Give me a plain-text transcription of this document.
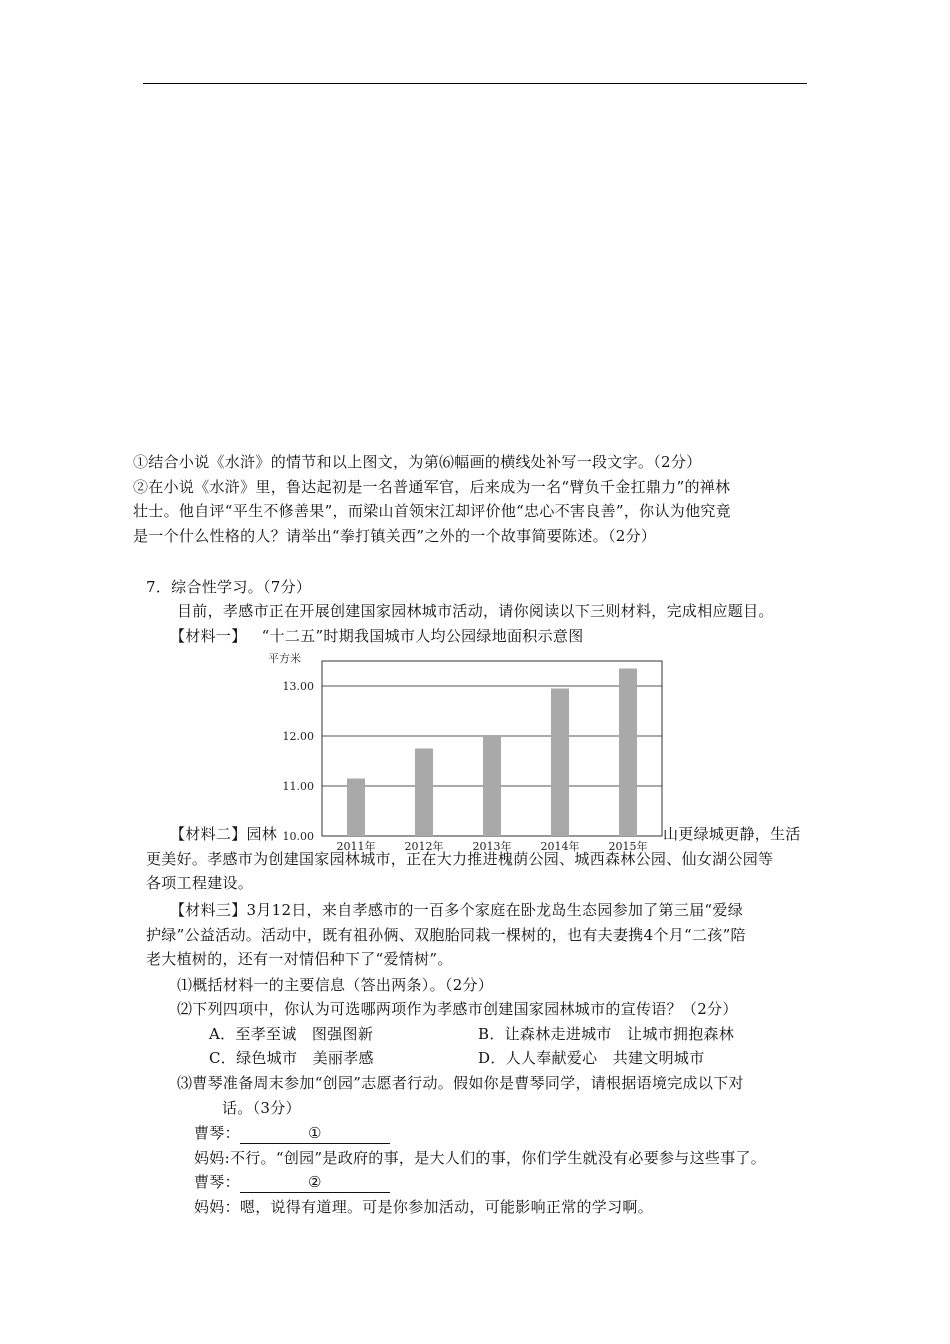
①结合小说《水浒》的情节和以上图文，为第⑹幅画的横线处补写一段文字。（2分）
②在小说《水浒》里，鲁达起初是一名普通军官，后来成为一名“臂负千金扛鼎力”的禅林
壮士。他自评“平生不修善果”，而梁山首领宋江却评价他“忠心不害良善”，你认为他究竟
是一个什么性格的人？请举出“拳打镇关西”之外的一个故事简要陈述。（2分）
7．综合性学习。（7分）
目前，孝感市正在开展创建国家园林城市活动，请你阅读以下三则材料，完成相应题目。
【材料一】 “十二五”时期我国城市人均公园绿地面积示意图
平方米
10.00
11.00
12.00
13.00
2011年	2012年	2013年	2014年	2015年
【材料二】园林	山更绿城更静，生活
更美好。孝感市为创建国家园林城市，正在大力推进槐荫公园、城西森林公园、仙女湖公园等
各项工程建设。
【材料三】3月12日，来自孝感市的一百多个家庭在卧龙岛生态园参加了第三届“爱绿
护绿”公益活动。活动中，既有祖孙俩、双胞胎同栽一棵树的，也有夫妻携4个月“二孩”陪
老大植树的，还有一对情侣种下了“爱情树”。
⑴概括材料一的主要信息（答出两条）。（2分）
⑵下列四项中，你认为可选哪两项作为孝感市创建国家园林城市的宣传语？（2分）
A．至孝至诚　图强图新	B．让森林走进城市　让城市拥抱森林
C．绿色城市　美丽孝感	D．人人奉献爱心　共建文明城市
⑶曹琴准备周末参加“创园”志愿者行动。假如你是曹琴同学，请根据语境完成以下对
话。（3分）
曹琴：	①
妈妈:不行。“创园”是政府的事，是大人们的事，你们学生就没有必要参与这些事了。
曹琴：	②
妈妈：嗯，说得有道理。可是你参加活动，可能影响正常的学习啊。
